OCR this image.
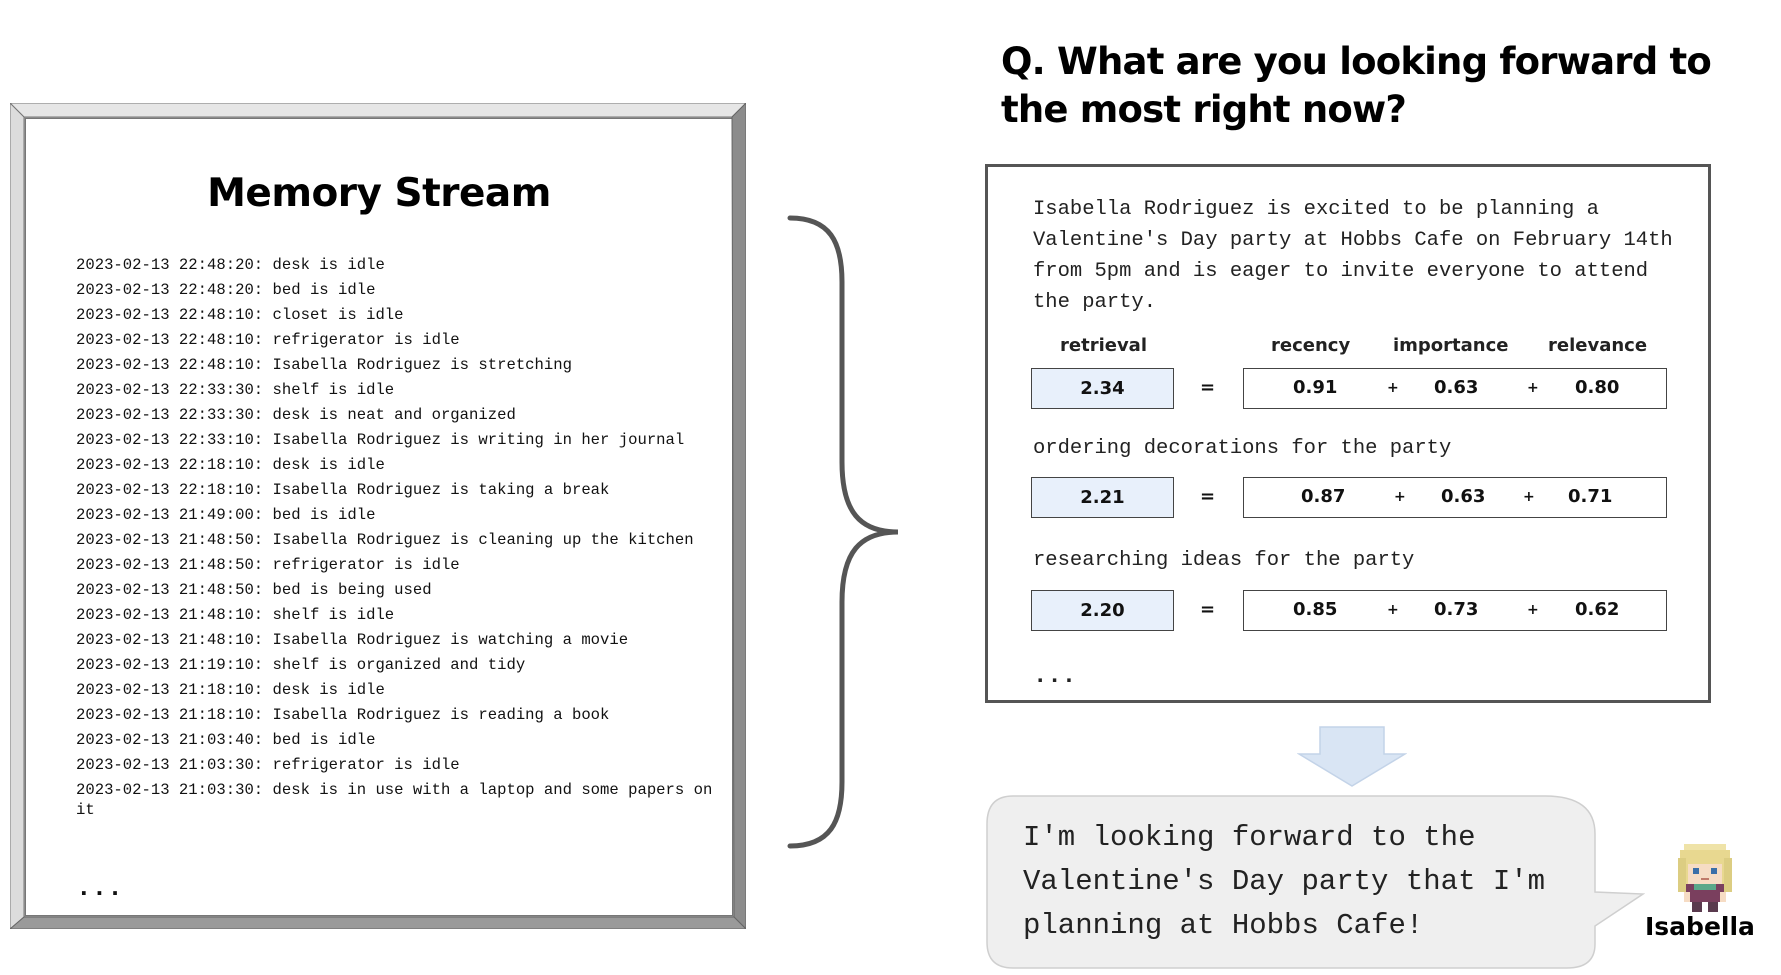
Memory Stream
2023-02-13 22:48:20: desk is idle
2023-02-13 22:48:20: bed is idle
2023-02-13 22:48:10: closet is idle
2023-02-13 22:48:10: refrigerator is idle
2023-02-13 22:48:10: Isabella Rodriguez is stretching
2023-02-13 22:33:30: shelf is idle
2023-02-13 22:33:30: desk is neat and organized
2023-02-13 22:33:10: Isabella Rodriguez is writing in her journal
2023-02-13 22:18:10: desk is idle
2023-02-13 22:18:10: Isabella Rodriguez is taking a break
2023-02-13 21:49:00: bed is idle
2023-02-13 21:48:50: Isabella Rodriguez is cleaning up the kitchen
2023-02-13 21:48:50: refrigerator is idle
2023-02-13 21:48:50: bed is being used
2023-02-13 21:48:10: shelf is idle
2023-02-13 21:48:10: Isabella Rodriguez is watching a movie
2023-02-13 21:19:10: shelf is organized and tidy
2023-02-13 21:18:10: desk is idle
2023-02-13 21:18:10: Isabella Rodriguez is reading a book
2023-02-13 21:03:40: bed is idle
2023-02-13 21:03:30: refrigerator is idle
2023-02-13 21:03:30: desk is in use with a laptop and some papers on it
...
Q. What are you looking forward to the most right now?
Isabella Rodriguez is excited to be planning a Valentine's Day party at Hobbs Cafe on February 14th from 5pm and is eager to invite everyone to attend the party.
retrieval	recency importance relevance
2.34	=	0.91	+ 0.63	+ 0.80
ordering decorations for the party
2.21	=	0.87	+ 0.63	+ 0.71
researching ideas for the party
2.20	=	0.85	+ 0.73	+ 0.62
...
I'm looking forward to the Valentine's Day party that I'm planning at Hobbs Cafe!	Isabella
